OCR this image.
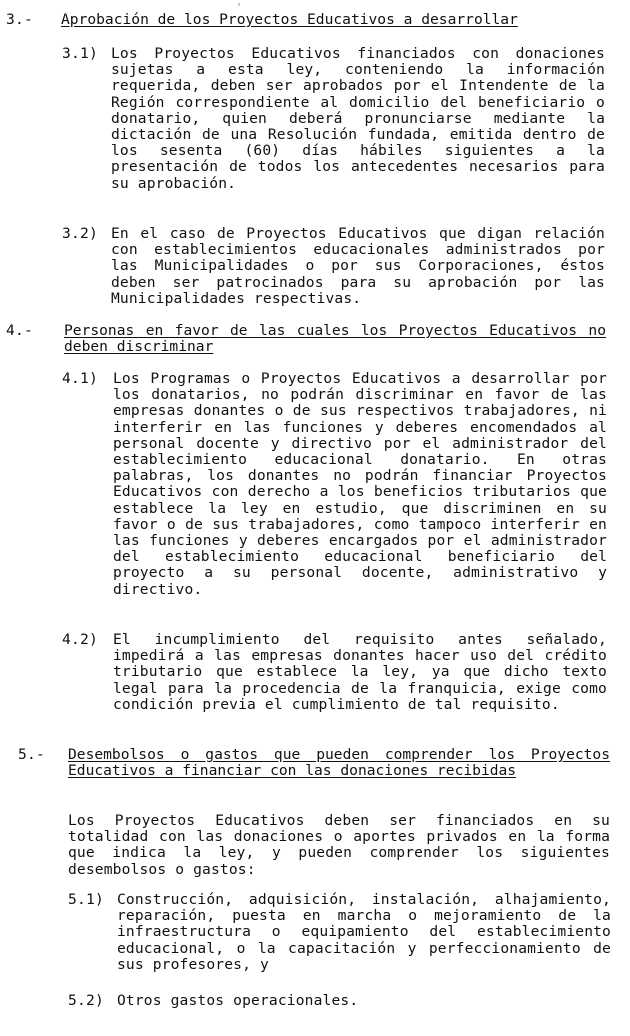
'
3.- Aprobación de los Proyectos Educativos a desarrollar
3.1) Los Proyectos Educativos financiados con donaciones sujetas a esta ley, conteniendo la información requerida, deben ser aprobados por el Intendente de la Región correspondiente al domicilio del beneficiario o donatario, quien deberá pronunciarse mediante la dictación de una Resolución fundada, emitida dentro de los sesenta (60) días hábiles siguientes a la presentación de todos los antecedentes necesarios para su aprobación.
3.2) En el caso de Proyectos Educativos que digan relación con establecimientos educacionales administrados por las Municipalidades o por sus Corporaciones, éstos deben ser patrocinados para su aprobación por las Municipalidades respectivas.
4.- Personas en favor de las cuales los Proyectos Educativos no deben discriminar
4.1) Los Programas o Proyectos Educativos a desarrollar por los donatarios, no podrán discriminar en favor de las empresas donantes o de sus respectivos trabajadores, ni interferir en las funciones y deberes encomendados al personal docente y directivo por el administrador del establecimiento educacional donatario. En otras palabras, los donantes no podrán financiar Proyectos Educativos con derecho a los beneficios tributarios que establece la ley en estudio, que discriminen en su favor o de sus trabajadores, como tampoco interferir en las funciones y deberes encargados por el administrador del establecimiento educacional beneficiario del proyecto a su personal docente, administrativo y directivo.
4.2) El incumplimiento del requisito antes señalado, impedirá a las empresas donantes hacer uso del crédito tributario que establece la ley, ya que dicho texto legal para la procedencia de la franquicia, exige como condición previa el cumplimiento de tal requisito.
5.- Desembolsos o gastos que pueden comprender los Proyectos Educativos a financiar con las donaciones recibidas
Los Proyectos Educativos deben ser financiados en su totalidad con las donaciones o aportes privados en la forma que indica la ley, y pueden comprender los siguientes desembolsos o gastos:
5.1) Construcción, adquisición, instalación, alhajamiento, reparación, puesta en marcha o mejoramiento de la infraestructura o equipamiento del establecimiento educacional, o la capacitación y perfeccionamiento de sus profesores, y
5.2) Otros gastos operacionales.
